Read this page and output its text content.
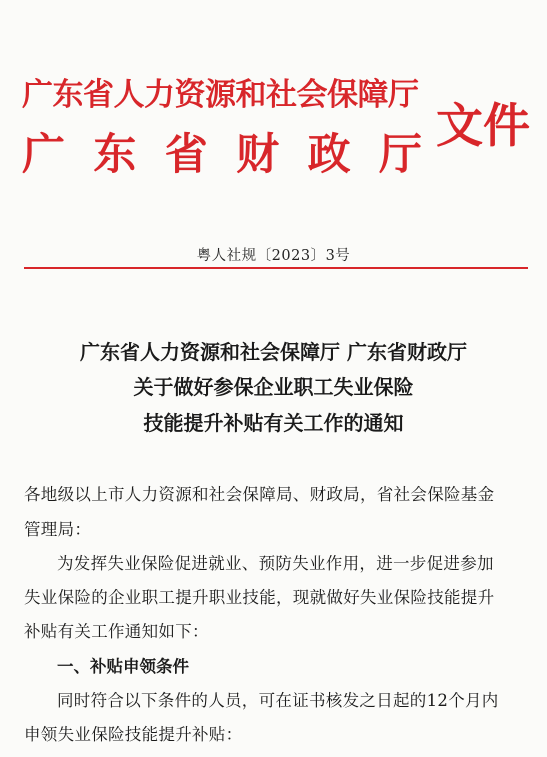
广东省人力资源和社会保障厅
广 东 省 财 政 厅
文件
粤人社规〔2023〕3号
广东省人力资源和社会保障厅 广东省财政厅
关于做好参保企业职工失业保险
技能提升补贴有关工作的通知
各地级以上市人力资源和社会保障局、财政局，省社会保险基金
管理局：
为发挥失业保险促进就业、预防失业作用，进一步促进参加
失业保险的企业职工提升职业技能，现就做好失业保险技能提升
补贴有关工作通知如下：
一、补贴申领条件
同时符合以下条件的人员，可在证书核发之日起的12个月内
申领失业保险技能提升补贴：
